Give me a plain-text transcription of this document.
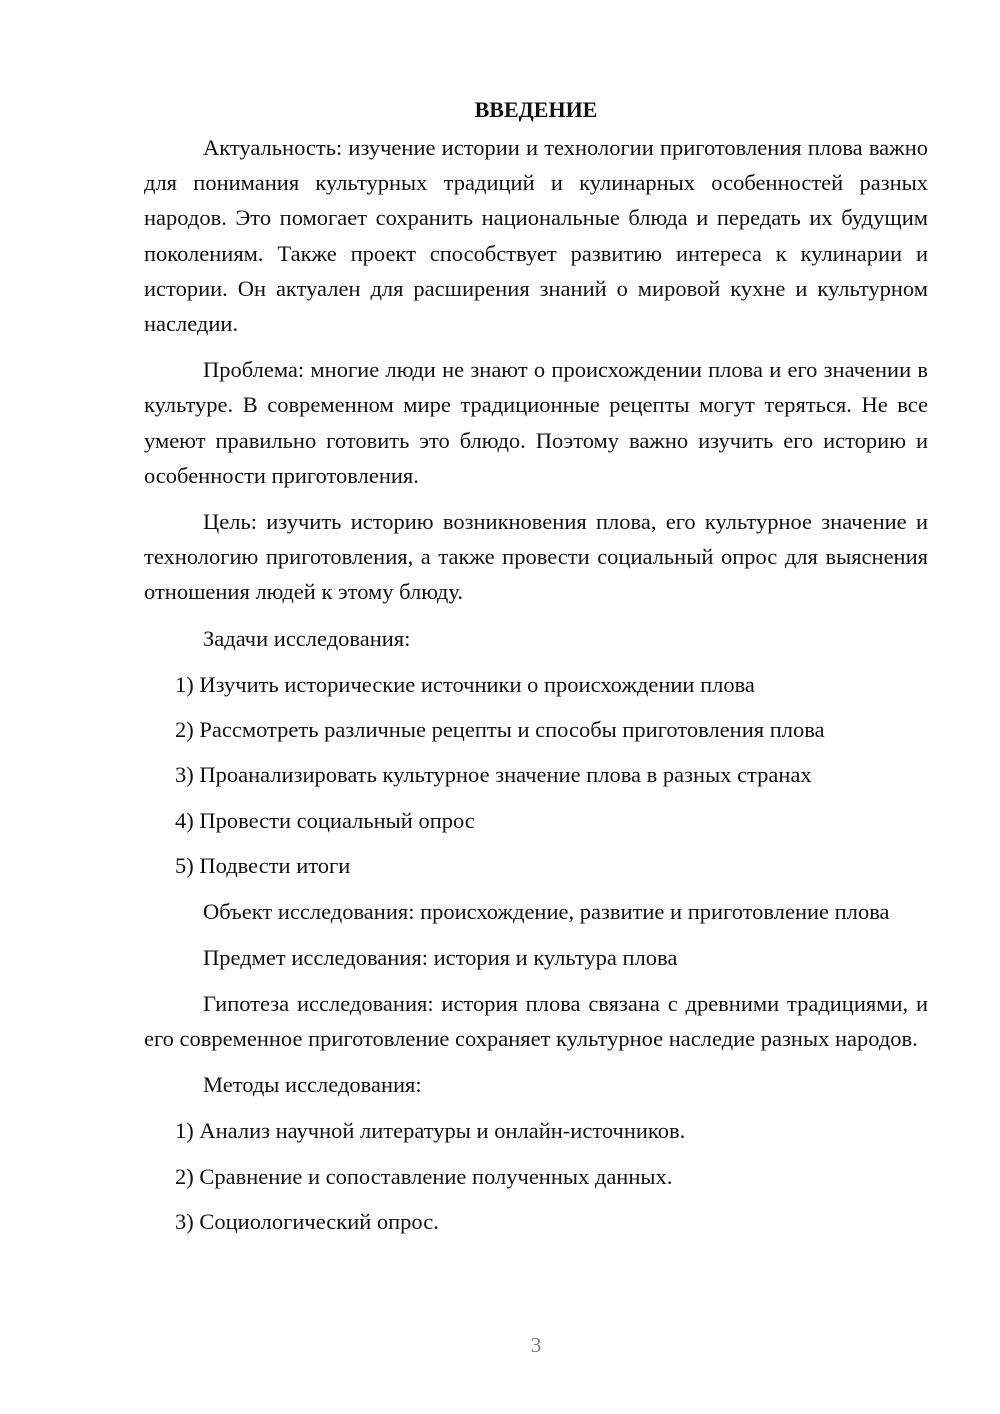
ВВЕДЕНИЕ

Актуальность: изучение истории и технологии приготовления плова важно для понимания культурных традиций и кулинарных особенностей разных народов. Это помогает сохранить национальные блюда и передать их будущим поколениям. Также проект способствует развитию интереса к кулинарии и истории. Он актуален для расширения знаний о мировой кухне и культурном наследии.

Проблема: многие люди не знают о происхождении плова и его значении в культуре. В современном мире традиционные рецепты могут теряться. Не все умеют правильно готовить это блюдо. Поэтому важно изучить его историю и особенности приготовления.

Цель: изучить историю возникновения плова, его культурное значение и технологию приготовления, а также провести социальный опрос для выяснения отношения людей к этому блюду.

Задачи исследования:

1) Изучить исторические источники о происхождении плова
2) Рассмотреть различные рецепты и способы приготовления плова
3) Проанализировать культурное значение плова в разных странах
4) Провести социальный опрос
5) Подвести итоги

Объект исследования: происхождение, развитие и приготовление плова

Предмет исследования: история и культура плова

Гипотеза исследования: история плова связана с древними традициями, и его современное приготовление сохраняет культурное наследие разных народов.

Методы исследования:

1) Анализ научной литературы и онлайн-источников.
2) Сравнение и сопоставление полученных данных.
3) Социологический опрос.
3
